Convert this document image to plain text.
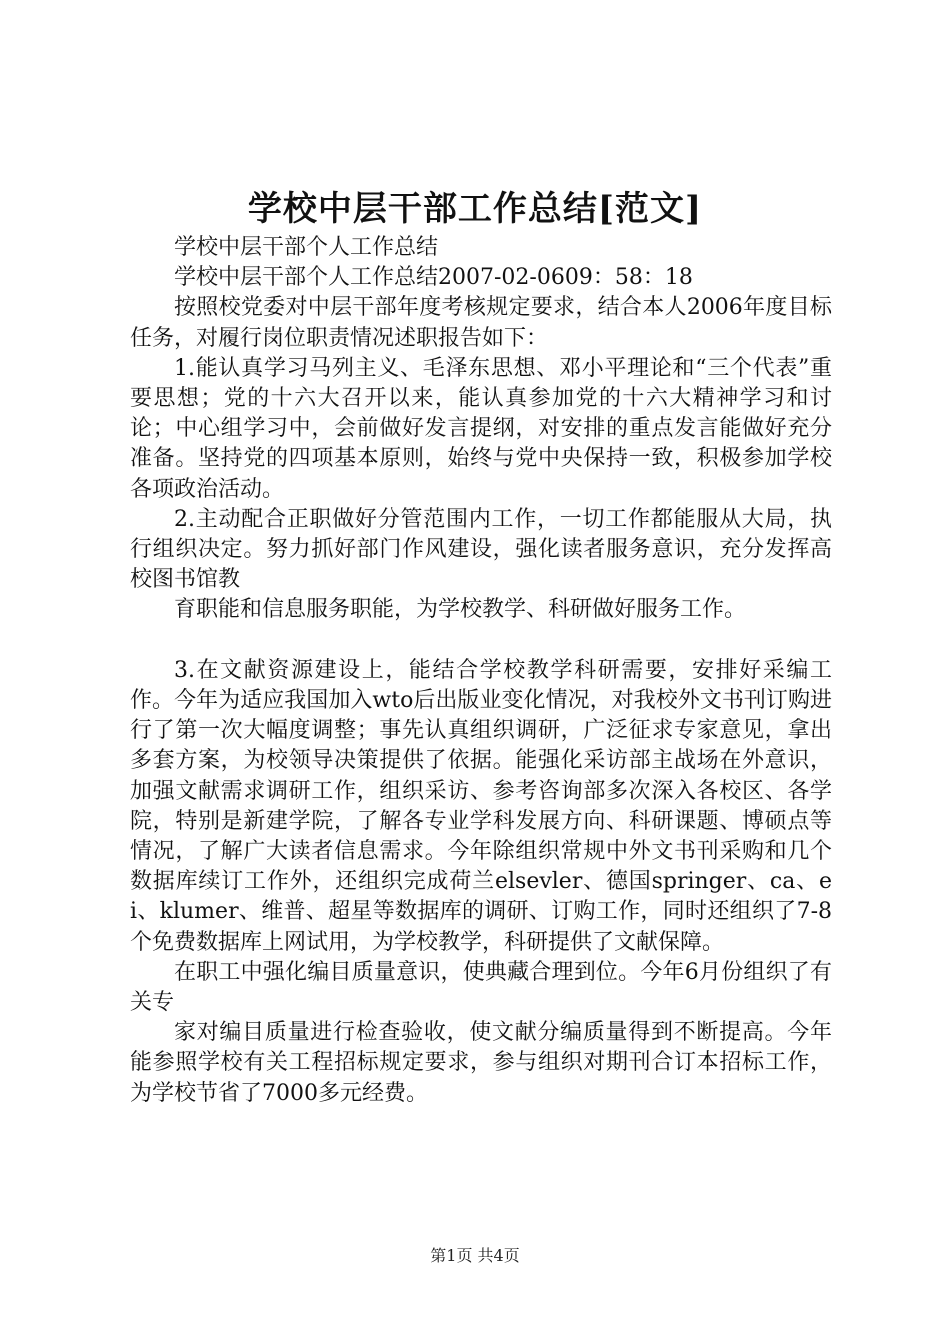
学校中层干部工作总结[范文]

学校中层干部个人工作总结

学校中层干部个人工作总结2007-02-0609：58：18

按照校党委对中层干部年度考核规定要求，结合本人2006年度目标任务，对履行岗位职责情况述职报告如下：

1.能认真学习马列主义、毛泽东思想、邓小平理论和“三个代表”重要思想；党的十六大召开以来，能认真参加党的十六大精神学习和讨论；中心组学习中，会前做好发言提纲，对安排的重点发言能做好充分准备。坚持党的四项基本原则，始终与党中央保持一致，积极参加学校各项政治活动。

2.主动配合正职做好分管范围内工作，一切工作都能服从大局，执行组织决定。努力抓好部门作风建设，强化读者服务意识，充分发挥高校图书馆教

育职能和信息服务职能，为学校教学、科研做好服务工作。

3.在文献资源建设上，能结合学校教学科研需要，安排好采编工作。今年为适应我国加入wto后出版业变化情况，对我校外文书刊订购进行了第一次大幅度调整；事先认真组织调研，广泛征求专家意见，拿出多套方案，为校领导决策提供了依据。能强化采访部主战场在外意识，加强文献需求调研工作，组织采访、参考咨询部多次深入各校区、各学院，特别是新建学院，了解各专业学科发展方向、科研课题、博硕点等情况，了解广大读者信息需求。今年除组织常规中外文书刊采购和几个数据库续订工作外，还组织完成荷兰elsevler、德国springer、ca、ei、klumer、维普、超星等数据库的调研、订购工作，同时还组织了7-8个免费数据库上网试用，为学校教学，科研提供了文献保障。

在职工中强化编目质量意识，使典藏合理到位。今年6月份组织了有关专

家对编目质量进行检查验收，使文献分编质量得到不断提高。今年能参照学校有关工程招标规定要求，参与组织对期刊合订本招标工作，为学校节省了7000多元经费。

第1页 共4页
